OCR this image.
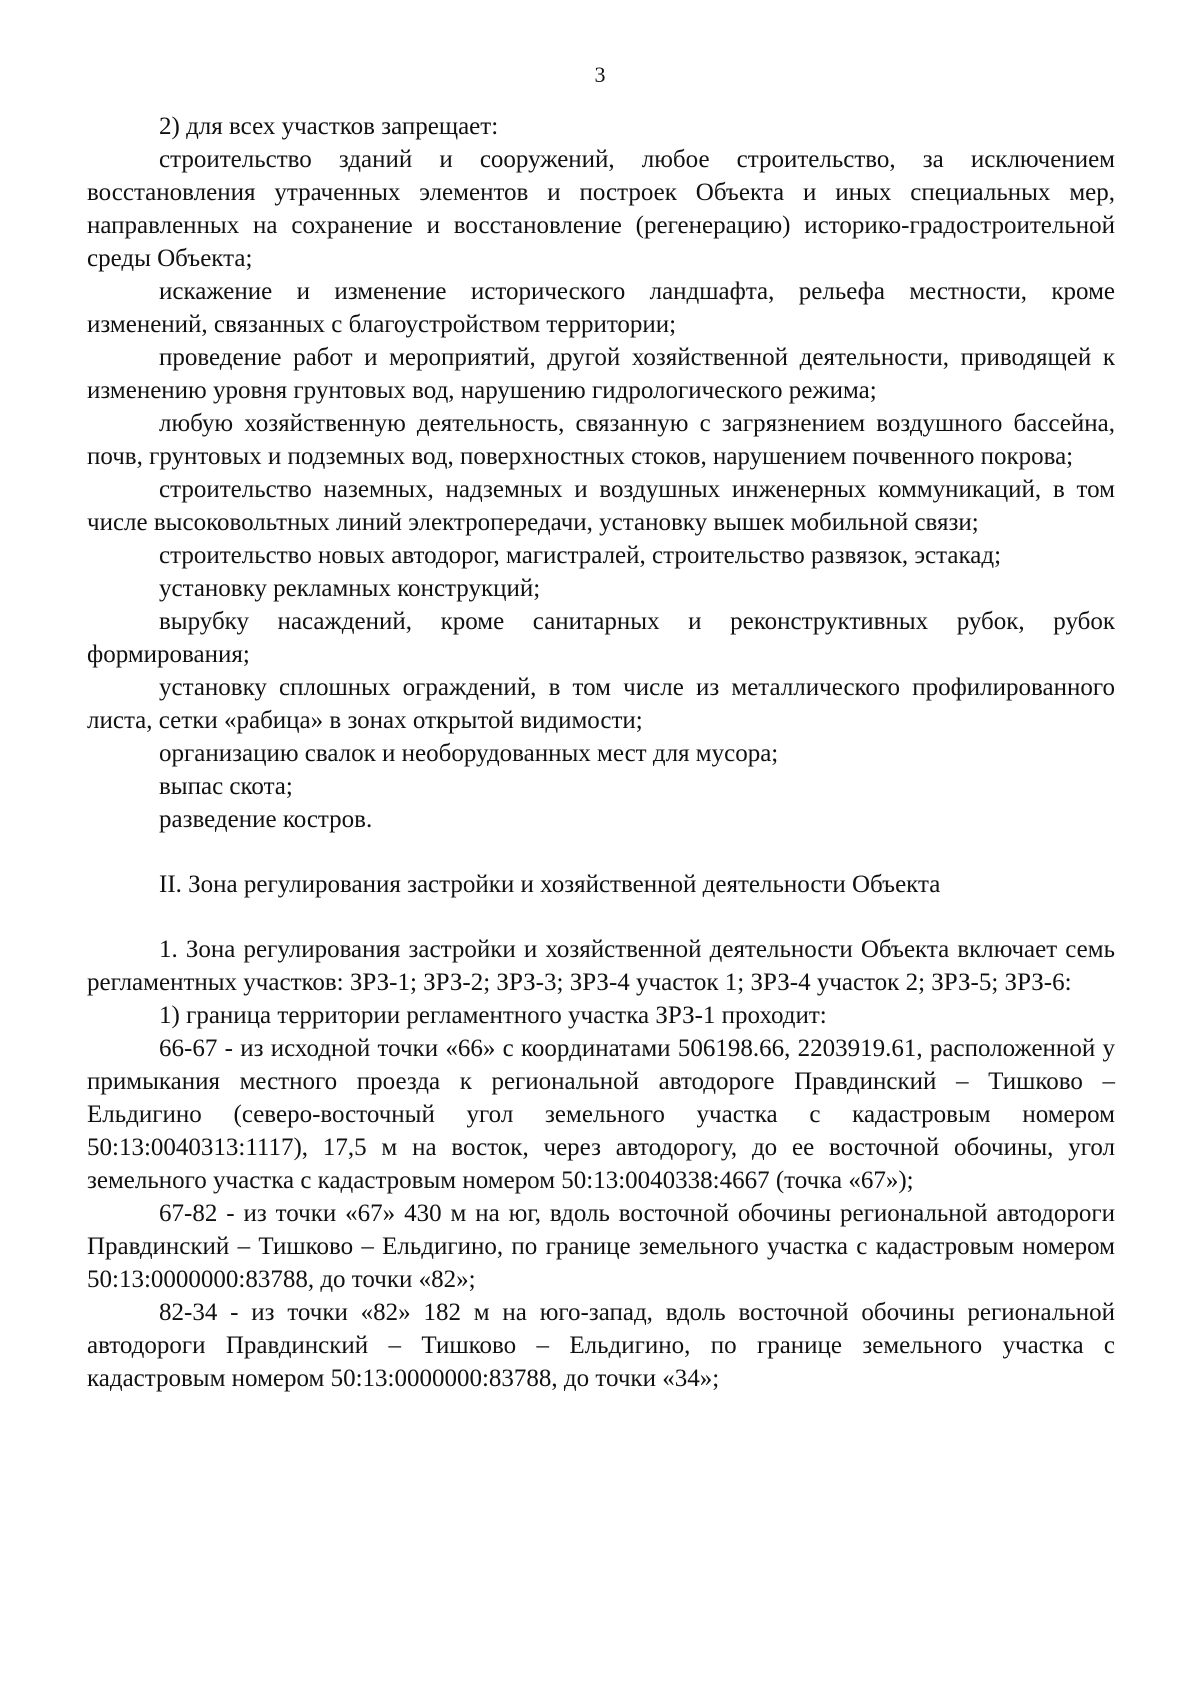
3

2) для всех участков запрещает:

строительство зданий и сооружений, любое строительство, за исключением восстановления утраченных элементов и построек Объекта и иных специальных мер, направленных на сохранение и восстановление (регенерацию) историко-градостроительной среды Объекта;

искажение и изменение исторического ландшафта, рельефа местности, кроме изменений, связанных с благоустройством территории;

проведение работ и мероприятий, другой хозяйственной деятельности, приводящей к изменению уровня грунтовых вод, нарушению гидрологического режима;

любую хозяйственную деятельность, связанную с загрязнением воздушного бассейна, почв, грунтовых и подземных вод, поверхностных стоков, нарушением почвенного покрова;

строительство наземных, надземных и воздушных инженерных коммуникаций, в том числе высоковольтных линий электропередачи, установку вышек мобильной связи;

строительство новых автодорог, магистралей, строительство развязок, эстакад;

установку рекламных конструкций;

вырубку насаждений, кроме санитарных и реконструктивных рубок, рубок формирования;

установку сплошных ограждений, в том числе из металлического профилированного листа, сетки «рабица» в зонах открытой видимости;

организацию свалок и необорудованных мест для мусора;

выпас скота;

разведение костров.

II. Зона регулирования застройки и хозяйственной деятельности Объекта

1. Зона регулирования застройки и хозяйственной деятельности Объекта включает семь регламентных участков: ЗРЗ-1; ЗРЗ-2; ЗРЗ-3; ЗРЗ-4 участок 1; ЗРЗ-4 участок 2; ЗРЗ-5; ЗРЗ-6:

1) граница территории регламентного участка ЗРЗ-1 проходит:

66-67 - из исходной точки «66» с координатами 506198.66, 2203919.61, расположенной у примыкания местного проезда к региональной автодороге Правдинский – Тишково – Ельдигино (северо-восточный угол земельного участка с кадастровым номером 50:13:0040313:1117), 17,5 м на восток, через автодорогу, до ее восточной обочины, угол земельного участка с кадастровым номером 50:13:0040338:4667 (точка «67»);

67-82 - из точки «67» 430 м на юг, вдоль восточной обочины региональной автодороги Правдинский – Тишково – Ельдигино, по границе земельного участка с кадастровым номером 50:13:0000000:83788, до точки «82»;

82-34 - из точки «82» 182 м на юго-запад, вдоль восточной обочины региональной автодороги Правдинский – Тишково – Ельдигино, по границе земельного участка с кадастровым номером 50:13:0000000:83788, до точки «34»;
